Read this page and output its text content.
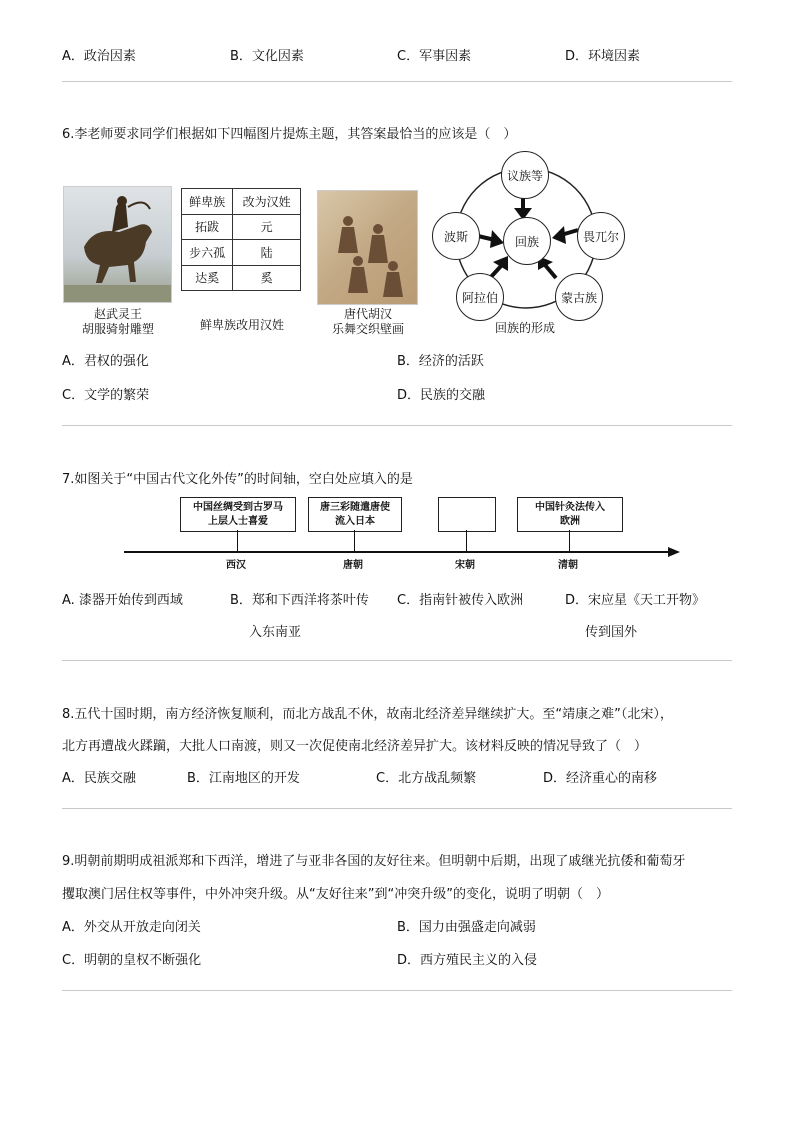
A．政治因素	B．文化因素	C．军事因素	D．环境因素
6.李老师要求同学们根据如下四幅图片提炼主题，其答案最恰当的应该是（　）
赵武灵王
胡服骑射雕塑
鲜卑族	改为汉姓
拓跋	元
步六孤	陆
达奚	奚
鲜卑族改用汉姓
唐代胡汉
乐舞交织壁画
议族等
畏兀尔
蒙古族
阿拉伯
波斯	回族
回族的形成
A．君权的强化	B．经济的活跃
C．文学的繁荣	D．民族的交融
7.如图关于“中国古代文化外传”的时间轴，空白处应填入的是
中国丝绸受到古罗马
上层人士喜爱
唐三彩随遣唐使
流入日本
中国针灸法传入
欧洲
西汉	唐朝	宋朝	清朝
A. 漆器开始传到西域	B．郑和下西洋将茶叶传
入东南亚
C．指南针被传入欧洲	D．宋应星《天工开物》
传到国外
8.五代十国时期，南方经济恢复顺利，而北方战乱不休，故南北经济差异继续扩大。至“靖康之难”（北宋），
北方再遭战火蹂躏，大批人口南渡，则又一次促使南北经济差异扩大。该材料反映的情况导致了（　）
A．民族交融	B．江南地区的开发	C．北方战乱频繁	D．经济重心的南移
9.明朝前期明成祖派郑和下西洋，增进了与亚非各国的友好往来。但明朝中后期，出现了戚继光抗倭和葡萄牙
攫取澳门居住权等事件，中外冲突升级。从“友好往来”到“冲突升级”的变化，说明了明朝（　）
A．外交从开放走向闭关	B．国力由强盛走向减弱
C．明朝的皇权不断强化	D．西方殖民主义的入侵
